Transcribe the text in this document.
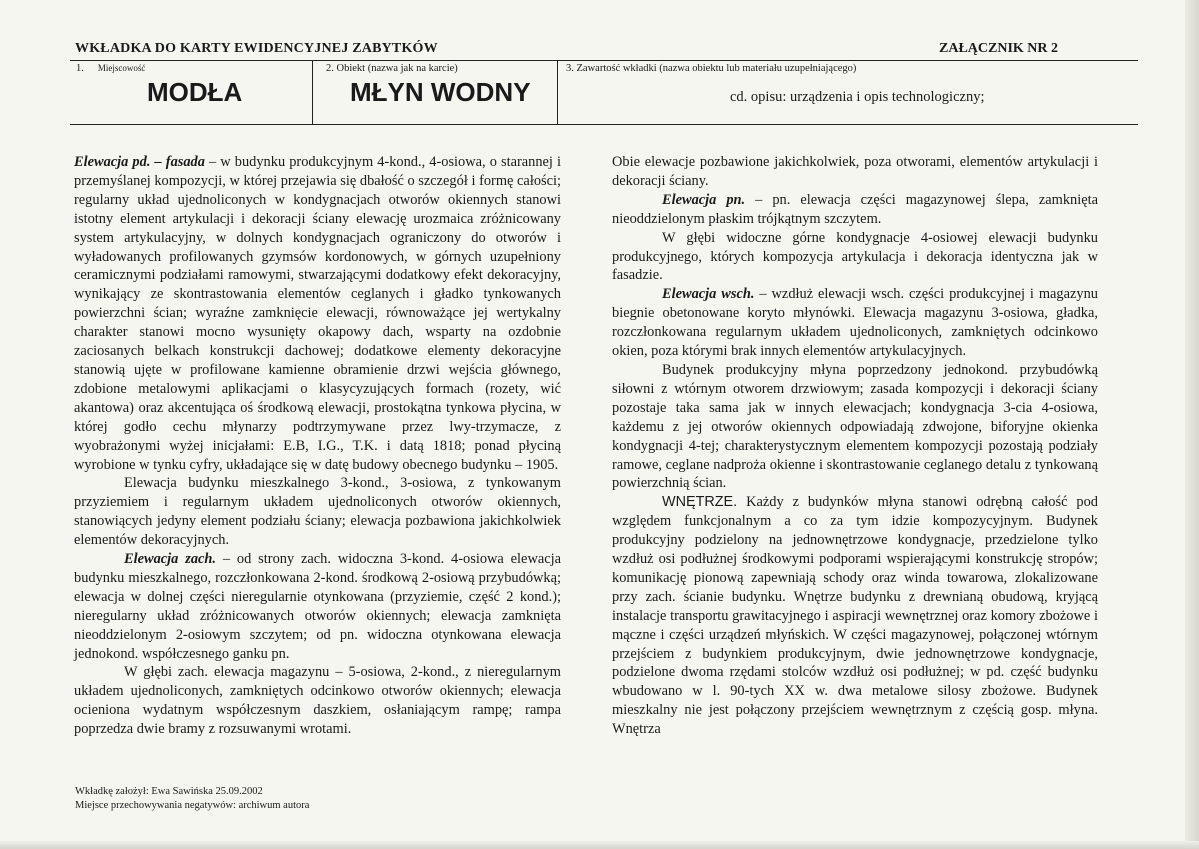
WKŁADKA DO KARTY EWIDENCYJNEJ ZABYTKÓW	ZAŁĄCZNIK NR 2
1. Miejscowość
MODŁA
2. Obiekt (nazwa jak na karcie)
MŁYN WODNY
3. Zawartość wkładki (nazwa obiektu lub materiału uzupełniającego)
cd. opisu: urządzenia i opis technologiczny;

Elewacja pd. – fasada – w budynku produkcyjnym 4-kond., 4-osiowa, o starannej i przemyślanej kompozycji, w której przejawia się dbałość o szczegół i formę całości; regularny układ ujednoliconych w kondygnacjach otworów okiennych stanowi istotny element artykulacji i dekoracji ściany elewację urozmaica zróżnicowany system artykulacyjny, w dolnych kondygnacjach ograniczony do otworów i wyładowanych profilowanych gzymsów kordonowych, w górnych uzupełniony ceramicznymi podziałami ramowymi, stwarzającymi dodatkowy efekt dekoracyjny, wynikający ze skontrastowania elementów ceglanych i gładko tynkowanych powierzchni ścian; wyraźne zamknięcie elewacji, równoważące jej wertykalny charakter stanowi mocno wysunięty okapowy dach, wsparty na ozdobnie zaciosanych belkach konstrukcji dachowej; dodatkowe elementy dekoracyjne stanowią ujęte w profilowane kamienne obramienie drzwi wejścia głównego, zdobione metalowymi aplikacjami o klasycyzujących formach (rozety, wić akantowa) oraz akcentująca oś środkową elewacji, prostokątna tynkowa płycina, w której godło cechu młynarzy podtrzymywane przez lwy-trzymacze, z wyobrażonymi wyżej inicjałami: E.B, I.G., T.K. i datą 1818; ponad płyciną wyrobione w tynku cyfry, układające się w datę budowy obecnego budynku – 1905.

Elewacja budynku mieszkalnego 3-kond., 3-osiowa, z tynkowanym przyziemiem i regularnym układem ujednoliconych otworów okiennych, stanowiących jedyny element podziału ściany; elewacja pozbawiona jakichkolwiek elementów dekoracyjnych.

Elewacja zach. – od strony zach. widoczna 3-kond. 4-osiowa elewacja budynku mieszkalnego, rozczłonkowana 2-kond. środkową 2-osiową przybudówką; elewacja w dolnej części nieregularnie otynkowana (przyziemie, część 2 kond.); nieregularny układ zróżnicowanych otworów okiennych; elewacja zamknięta nieoddzielonym 2-osiowym szczytem; od pn. widoczna otynkowana elewacja jednokond. współczesnego ganku pn.

W głębi zach. elewacja magazynu – 5-osiowa, 2-kond., z nieregularnym układem ujednoliconych, zamkniętych odcinkowo otworów okiennych; elewacja ocieniona wydatnym współczesnym daszkiem, osłaniającym rampę; rampa poprzedza dwie bramy z rozsuwanymi wrotami.

Obie elewacje pozbawione jakichkolwiek, poza otworami, elementów artykulacji i dekoracji ściany.

Elewacja pn. – pn. elewacja części magazynowej ślepa, zamknięta nieoddzielonym płaskim trójkątnym szczytem.

W głębi widoczne górne kondygnacje 4-osiowej elewacji budynku produkcyjnego, których kompozycja artykulacja i dekoracja identyczna jak w fasadzie.

Elewacja wsch. – wzdłuż elewacji wsch. części produkcyjnej i magazynu biegnie obetonowane koryto młynówki. Elewacja magazynu 3-osiowa, gładka, rozczłonkowana regularnym układem ujednoliconych, zamkniętych odcinkowo okien, poza którymi brak innych elementów artykulacyjnych.

Budynek produkcyjny młyna poprzedzony jednokond. przybudówką siłowni z wtórnym otworem drzwiowym; zasada kompozycji i dekoracji ściany pozostaje taka sama jak w innych elewacjach; kondygnacja 3-cia 4-osiowa, każdemu z jej otworów okiennych odpowiadają zdwojone, biforyjne okienka kondygnacji 4-tej; charakterystycznym elementem kompozycji pozostają podziały ramowe, ceglane nadproża okienne i skontrastowanie ceglanego detalu z tynkowaną powierzchnią ścian.

WNĘTRZE. Każdy z budynków młyna stanowi odrębną całość pod względem funkcjonalnym a co za tym idzie kompozycyjnym. Budynek produkcyjny podzielony na jednownętrzowe kondygnacje, przedzielone tylko wzdłuż osi podłużnej środkowymi podporami wspierającymi konstrukcję stropów; komunikację pionową zapewniają schody oraz winda towarowa, zlokalizowane przy zach. ścianie budynku. Wnętrze budynku z drewnianą obudową, kryjącą instalacje transportu grawitacyjnego i aspiracji wewnętrznej oraz komory zbożowe i mączne i części urządzeń młyńskich. W części magazynowej, połączonej wtórnym przejściem z budynkiem produkcyjnym, dwie jednownętrzowe kondygnacje, podzielone dwoma rzędami stolców wzdłuż osi podłużnej; w pd. część budynku wbudowano w l. 90-tych XX w. dwa metalowe silosy zbożowe. Budynek mieszkalny nie jest połączony przejściem wewnętrznym z częścią gosp. młyna. Wnętrza

Wkładkę założył: Ewa Sawińska 25.09.2002
Miejsce przechowywania negatywów: archiwum autora
